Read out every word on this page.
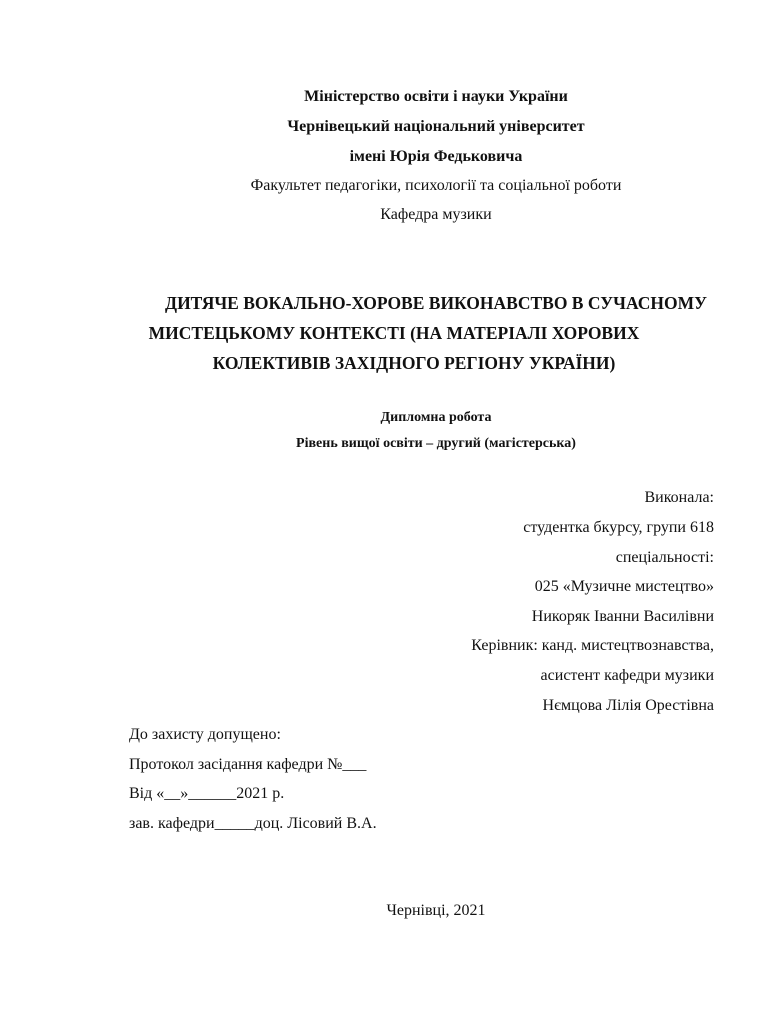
Міністерство освіти і науки України
Чернівецький національний університет
імені Юрія Федьковича
Факультет педагогіки, психології та соціальної роботи
Кафедра музики
ДИТЯЧЕ ВОКАЛЬНО-ХОРОВЕ ВИКОНАВСТВО В СУЧАСНОМУ
МИСТЕЦЬКОМУ КОНТЕКСТІ (НА МАТЕРІАЛІ ХОРОВИХ
КОЛЕКТИВІВ ЗАХІДНОГО РЕГІОНУ УКРАЇНИ)
Дипломна робота
Рівень вищої освіти – другий (магістерська)
Виконала:
студентка бкурсу, групи 618
спеціальності:
025 «Музичне мистецтво»
Никоряк Іванни Василівни
Керівник: канд. мистецтвознавства,
асистент кафедри музики
Нємцова Лілія Орестівна
До захисту допущено:
Протокол засідання кафедри №___
Від «__»______2021 р.
зав. кафедри_____доц. Лісовий В.А.
Чернівці, 2021
